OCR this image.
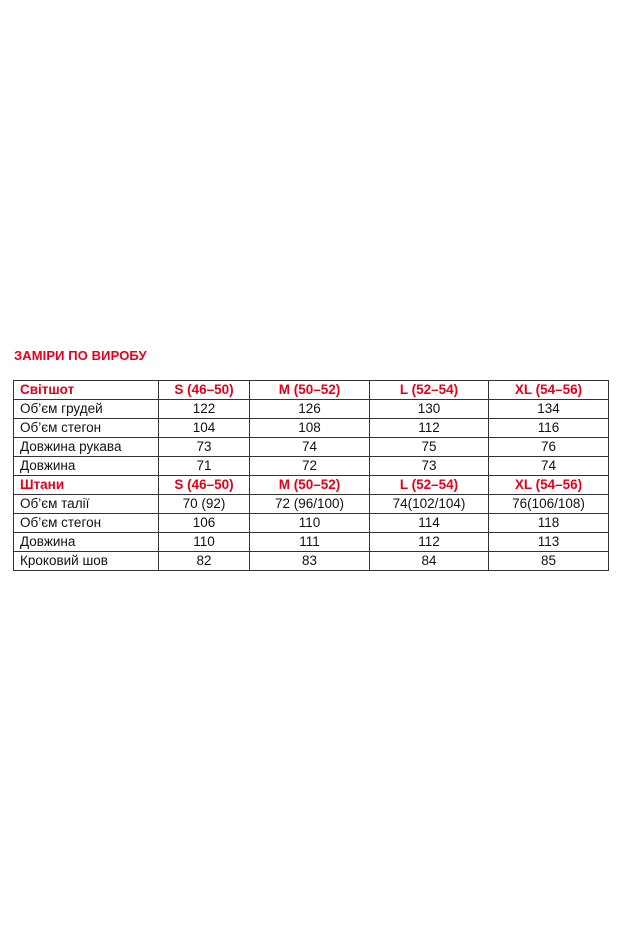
ЗАМІРИ ПО ВИРОБУ
Світшот	S (46–50)	M (50–52)	L (52–54)	XL (54–56)
Об’єм грудей	122	126	130	134
Об’єм стегон	104	108	112	116
Довжина рукава	73	74	75	76
Довжина	71	72	73	74
Штани	S (46–50)	M (50–52)	L (52–54)	XL (54–56)
Об’єм талії	70 (92)	72 (96/100)	74(102/104)	76(106/108)
Об’єм стегон	106	110	114	118
Довжина	110	111	112	113
Кроковий шов	82	83	84	85
